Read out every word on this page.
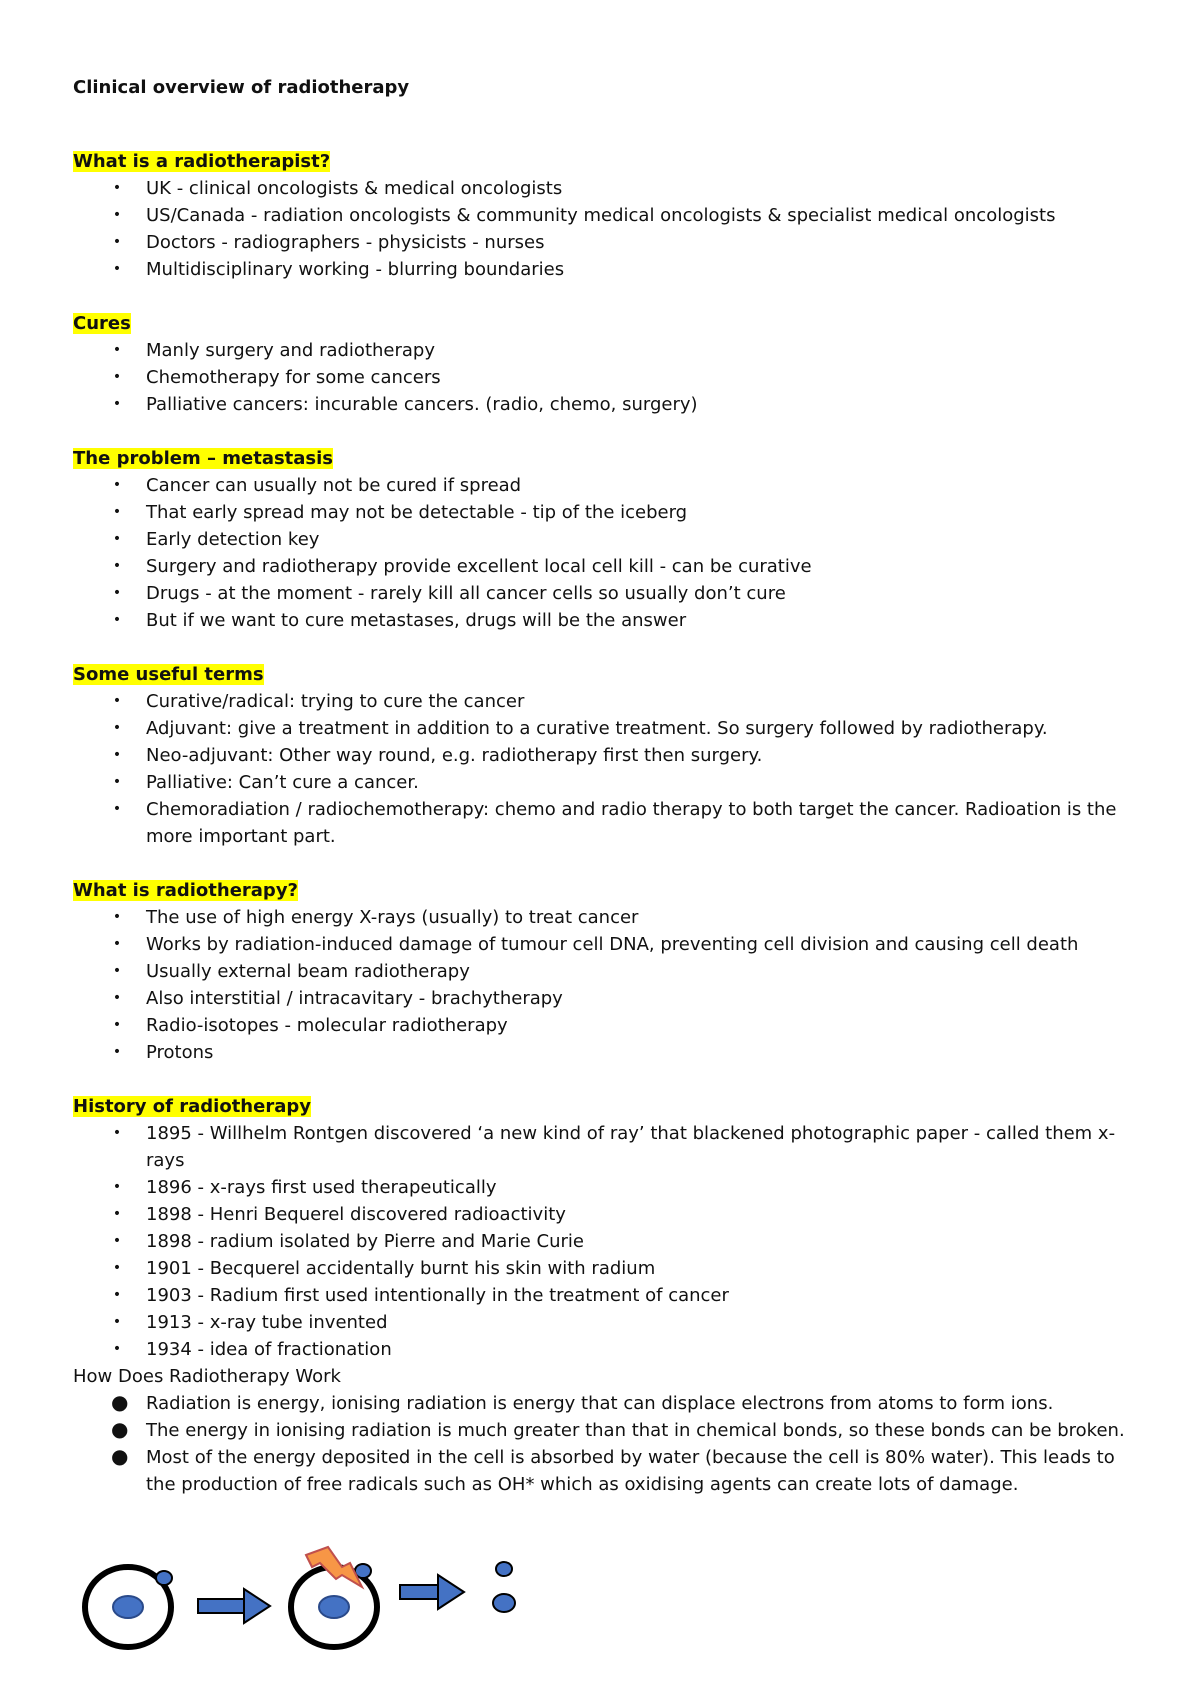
Clinical overview of radiotherapy
What is a radiotherapist?
• UK - clinical oncologists & medical oncologists
• US/Canada - radiation oncologists & community medical oncologists & specialist medical oncologists
• Doctors - radiographers - physicists - nurses
• Multidisciplinary working - blurring boundaries
Cures
• Manly surgery and radiotherapy
• Chemotherapy for some cancers
• Palliative cancers: incurable cancers. (radio, chemo, surgery)
The problem – metastasis
• Cancer can usually not be cured if spread
• That early spread may not be detectable - tip of the iceberg
• Early detection key
• Surgery and radiotherapy provide excellent local cell kill - can be curative
• Drugs - at the moment - rarely kill all cancer cells so usually don’t cure
• But if we want to cure metastases, drugs will be the answer
Some useful terms
• Curative/radical: trying to cure the cancer
• Adjuvant: give a treatment in addition to a curative treatment. So surgery followed by radiotherapy.
• Neo-adjuvant: Other way round, e.g. radiotherapy first then surgery.
• Palliative: Can’t cure a cancer.
• Chemoradiation / radiochemotherapy: chemo and radio therapy to both target the cancer. Radioation is the more important part.
What is radiotherapy?
• The use of high energy X-rays (usually) to treat cancer
• Works by radiation-induced damage of tumour cell DNA, preventing cell division and causing cell death
• Usually external beam radiotherapy
• Also interstitial / intracavitary - brachytherapy
• Radio-isotopes - molecular radiotherapy
• Protons
History of radiotherapy
• 1895 - Willhelm Rontgen discovered ‘a new kind of ray’ that blackened photographic paper - called them x-rays
• 1896 - x-rays first used therapeutically
• 1898 - Henri Bequerel discovered radioactivity
• 1898 - radium isolated by Pierre and Marie Curie
• 1901 - Becquerel accidentally burnt his skin with radium
• 1903 - Radium first used intentionally in the treatment of cancer
• 1913 - x-ray tube invented
• 1934 - idea of fractionation
How Does Radiotherapy Work
● Radiation is energy, ionising radiation is energy that can displace electrons from atoms to form ions.
● The energy in ionising radiation is much greater than that in chemical bonds, so these bonds can be broken.
● Most of the energy deposited in the cell is absorbed by water (because the cell is 80% water). This leads to the production of free radicals such as OH* which as oxidising agents can create lots of damage.
